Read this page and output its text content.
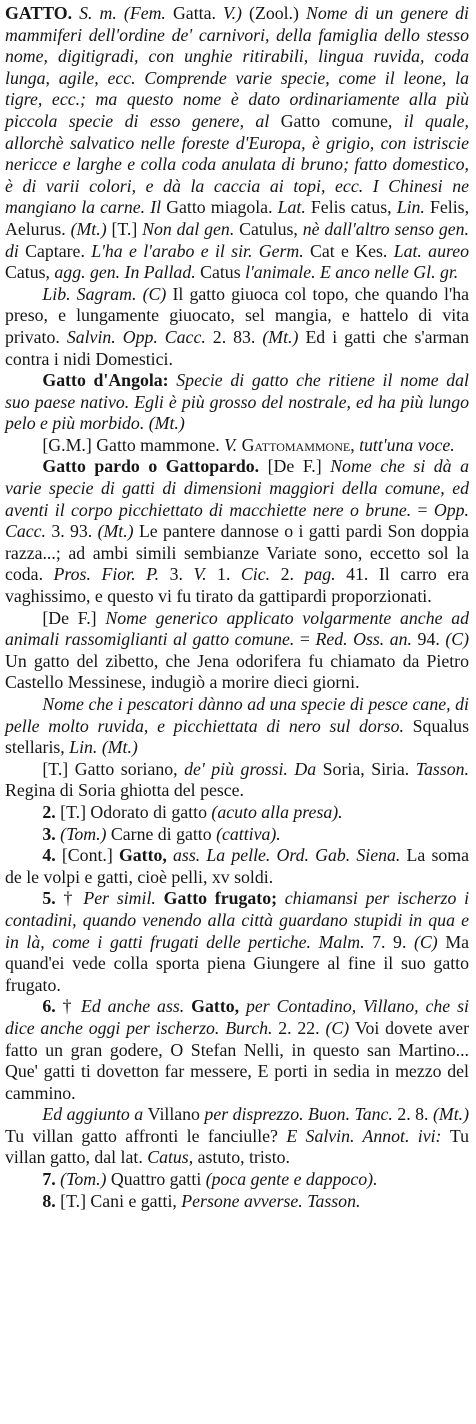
GATTO. S. m. (Fem. Gatta. V.) (Zool.) Nome di un genere di mammiferi dell'ordine de' carnivori, della famiglia dello stesso nome, digitigradi, con unghie ritirabili, lingua ruvida, coda lunga, agile, ecc. Comprende varie specie, come il leone, la tigre, ecc.; ma questo nome è dato ordinariamente alla più piccola specie di esso genere, al Gatto comune, il quale, allorchè salvatico nelle foreste d'Europa, è grigio, con istriscie nericce e larghe e colla coda anulata di bruno; fatto domestico, è di varii colori, e dà la caccia ai topi, ecc. I Chinesi ne mangiano la carne. Il Gatto miagola. Lat. Felis catus, Lin. Felis, Aelurus. (Mt.) [T.] Non dal gen. Catulus, nè dall'altro senso gen. di Captare. L'ha e l'arabo e il sir. Germ. Cat e Kes. Lat. aureo Catus, agg. gen. In Pallad. Catus l'animale. E anco nelle Gl. gr.

Lib. Sagram. (C) Il gatto giuoca col topo, che quando l'ha preso, e lungamente giuocato, sel mangia, e hattelo di vita privato. Salvin. Opp. Cacc. 2. 83. (Mt.) Ed i gatti che s'arman contra i nidi Domestici.

Gatto d'Angola: Specie di gatto che ritiene il nome dal suo paese nativo. Egli è più grosso del nostrale, ed ha più lungo pelo e più morbido. (Mt.)

[G.M.] Gatto mammone. V. Gattomammone, tutt'una voce.

Gatto pardo o Gattopardo. [De F.] Nome che si dà a varie specie di gatti di dimensioni maggiori della comune, ed aventi il corpo picchiettato di macchiette nere o brune. = Opp. Cacc. 3. 93. (Mt.) Le pantere dannose o i gatti pardi Son doppia razza...; ad ambi simili sembianze Variate sono, eccetto sol la coda. Pros. Fior. P. 3. V. 1. Cic. 2. pag. 41. Il carro era vaghissimo, e questo vi fu tirato da gattipardi proporzionati.

[De F.] Nome generico applicato volgarmente anche ad animali rassomiglianti al gatto comune. = Red. Oss. an. 94. (C) Un gatto del zibetto, che Jena odorifera fu chiamato da Pietro Castello Messinese, indugiò a morire dieci giorni.

Nome che i pescatori dànno ad una specie di pesce cane, di pelle molto ruvida, e picchiettata di nero sul dorso. Squalus stellaris, Lin. (Mt.)

[T.] Gatto soriano, de' più grossi. Da Soria, Siria. Tasson. Regina di Soria ghiotta del pesce.

2. [T.] Odorato di gatto (acuto alla presa).

3. (Tom.) Carne di gatto (cattiva).

4. [Cont.] Gatto, ass. La pelle. Ord. Gab. Siena. La soma de le volpi e gatti, cioè pelli, xv soldi.

5. † Per simil. Gatto frugato; chiamansi per ischerzo i contadini, quando venendo alla città guardano stupidi in qua e in là, come i gatti frugati delle pertiche. Malm. 7. 9. (C) Ma quand'ei vede colla sporta piena Giungere al fine il suo gatto frugato.

6. † Ed anche ass. Gatto, per Contadino, Villano, che si dice anche oggi per ischerzo. Burch. 2. 22. (C) Voi dovete aver fatto un gran godere, O Stefan Nelli, in questo san Martino... Que' gatti ti dovetton far messere, E porti in sedia in mezzo del cammino.

Ed aggiunto a Villano per disprezzo. Buon. Tanc. 2. 8. (Mt.) Tu villan gatto affronti le fanciulle? E Salvin. Annot. ivi: Tu villan gatto, dal lat. Catus, astuto, tristo.

7. (Tom.) Quattro gatti (poca gente e dappoco).

8. [T.] Cani e gatti, Persone avverse. Tasson.
